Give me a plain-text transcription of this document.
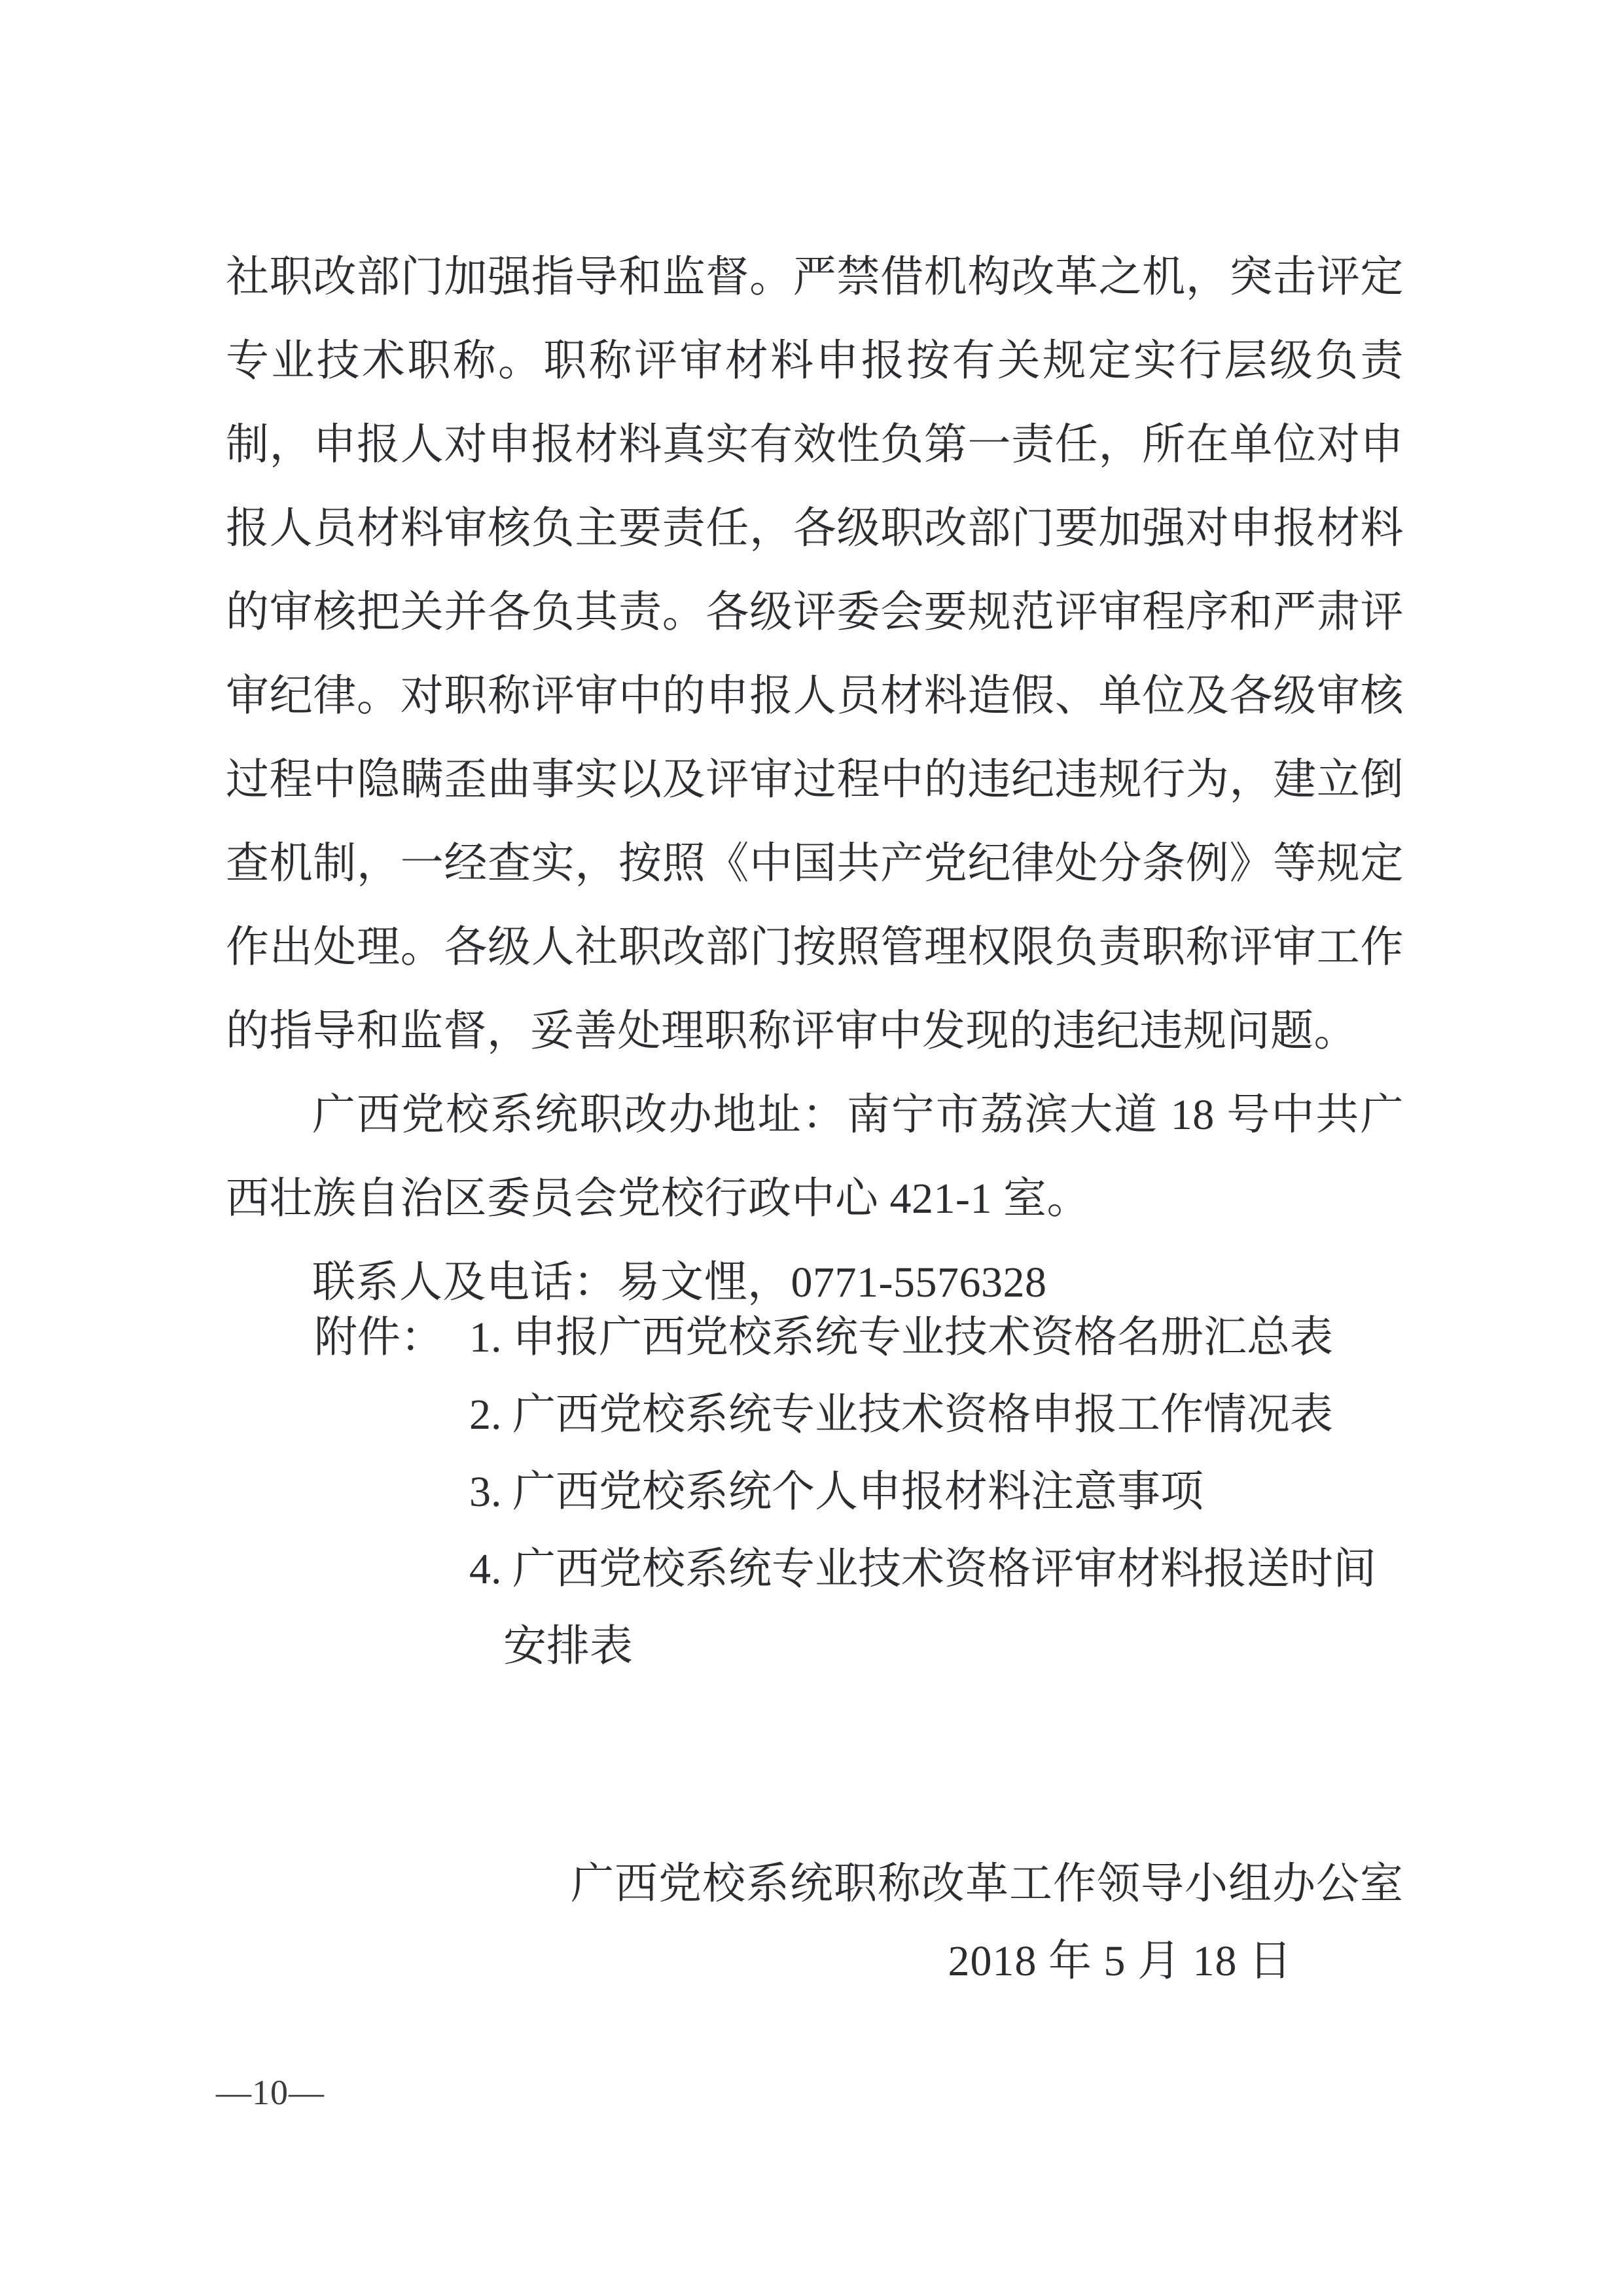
社职改部门加强指导和监督。严禁借机构改革之机，突击评定专业技术职称。职称评审材料申报按有关规定实行层级负责制，申报人对申报材料真实有效性负第一责任，所在单位对申报人员材料审核负主要责任，各级职改部门要加强对申报材料的审核把关并各负其责。各级评委会要规范评审程序和严肃评审纪律。对职称评审中的申报人员材料造假、单位及各级审核过程中隐瞒歪曲事实以及评审过程中的违纪违规行为，建立倒查机制，一经查实，按照《中国共产党纪律处分条例》等规定作出处理。各级人社职改部门按照管理权限负责职称评审工作的指导和监督，妥善处理职称评审中发现的违纪违规问题。

广西党校系统职改办地址：南宁市荔滨大道 18 号中共广西壮族自治区委员会党校行政中心 421-1 室。

联系人及电话：易文悝，0771-5576328

附件： 1. 申报广西党校系统专业技术资格名册汇总表
2. 广西党校系统专业技术资格申报工作情况表
3. 广西党校系统个人申报材料注意事项
4. 广西党校系统专业技术资格评审材料报送时间
安排表
广西党校系统职称改革工作领导小组办公室
2018 年 5 月 18 日
—10—
